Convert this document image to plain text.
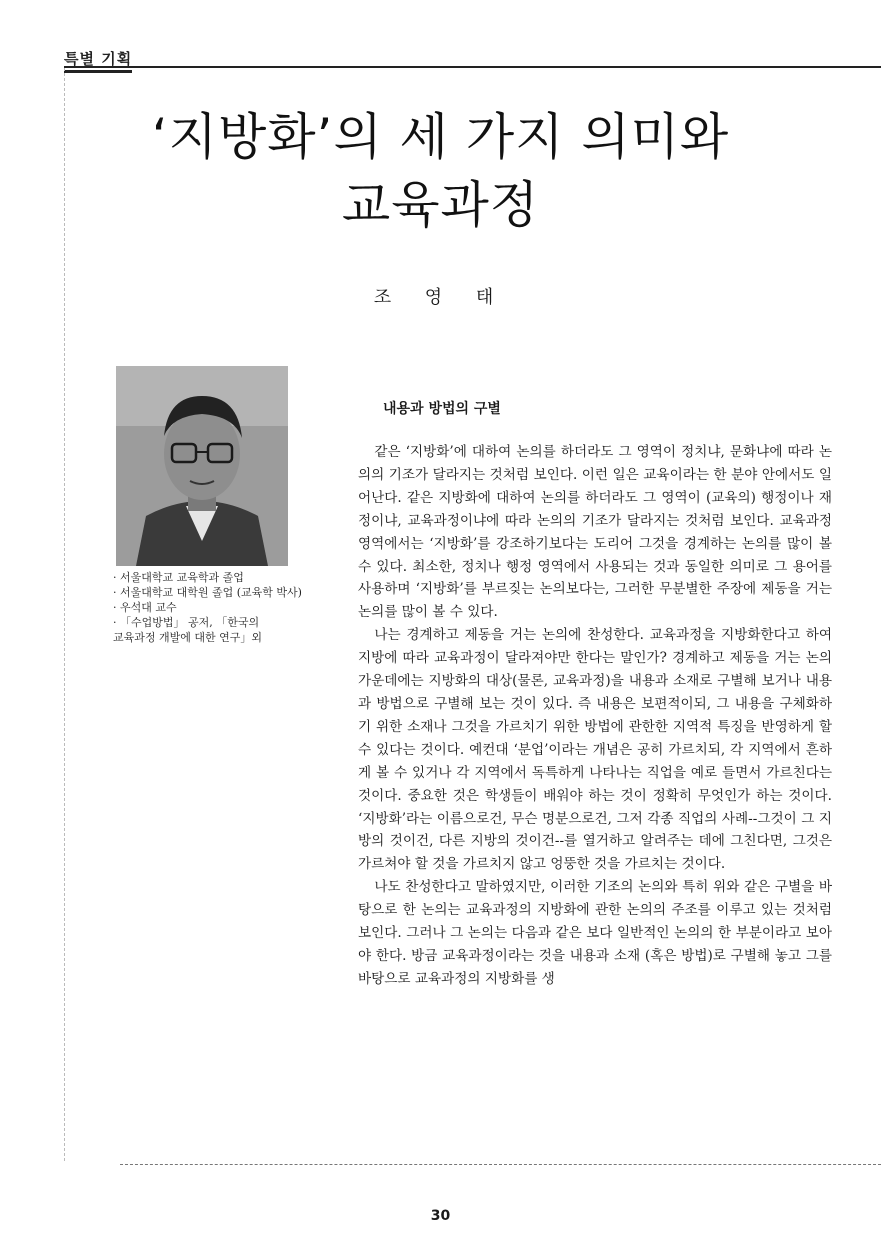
특별 기획
‘지방화’의 세 가지 의미와
교육과정
조 영 태
· 서울대학교 교육학과 졸업
· 서울대학교 대학원 졸업 (교육학 박사)
· 우석대 교수
· 「수업방법」 공저, 「한국의
교육과정 개발에 대한 연구」외
내용과 방법의 구별

같은 ‘지방화’에 대하여 논의를 하더라도 그 영역이 정치냐, 문화냐에 따라 논의의 기조가 달라지는 것처럼 보인다. 이런 일은 교육이라는 한 분야 안에서도 일어난다. 같은 지방화에 대하여 논의를 하더라도 그 영역이 (교육의) 행정이나 재정이냐, 교육과정이냐에 따라 논의의 기조가 달라지는 것처럼 보인다. 교육과정 영역에서는 ‘지방화’를 강조하기보다는 도리어 그것을 경계하는 논의를 많이 볼 수 있다. 최소한, 정치나 행정 영역에서 사용되는 것과 동일한 의미로 그 용어를 사용하며 ‘지방화’를 부르짖는 논의보다는, 그러한 무분별한 주장에 제동을 거는 논의를 많이 볼 수 있다.

나는 경계하고 제동을 거는 논의에 찬성한다. 교육과정을 지방화한다고 하여 지방에 따라 교육과정이 달라져야만 한다는 말인가? 경계하고 제동을 거는 논의 가운데에는 지방화의 대상(물론, 교육과정)을 내용과 소재로 구별해 보거나 내용과 방법으로 구별해 보는 것이 있다. 즉 내용은 보편적이되, 그 내용을 구체화하기 위한 소재나 그것을 가르치기 위한 방법에 관한한 지역적 특징을 반영하게 할 수 있다는 것이다. 예컨대 ‘분업’이라는 개념은 공히 가르치되, 각 지역에서 흔하게 볼 수 있거나 각 지역에서 독특하게 나타나는 직업을 예로 들면서 가르친다는 것이다. 중요한 것은 학생들이 배워야 하는 것이 정확히 무엇인가 하는 것이다. ‘지방화’라는 이름으로건, 무슨 명분으로건, 그저 각종 직업의 사례--그것이 그 지방의 것이건, 다른 지방의 것이건--를 열거하고 알려주는 데에 그친다면, 그것은 가르쳐야 할 것을 가르치지 않고 엉뚱한 것을 가르치는 것이다.

나도 찬성한다고 말하였지만, 이러한 기조의 논의와 특히 위와 같은 구별을 바탕으로 한 논의는 교육과정의 지방화에 관한 논의의 주조를 이루고 있는 것처럼 보인다. 그러나 그 논의는 다음과 같은 보다 일반적인 논의의 한 부분이라고 보아야 한다. 방금 교육과정이라는 것을 내용과 소재 (혹은 방법)로 구별해 놓고 그를 바탕으로 교육과정의 지방화를 생

30
